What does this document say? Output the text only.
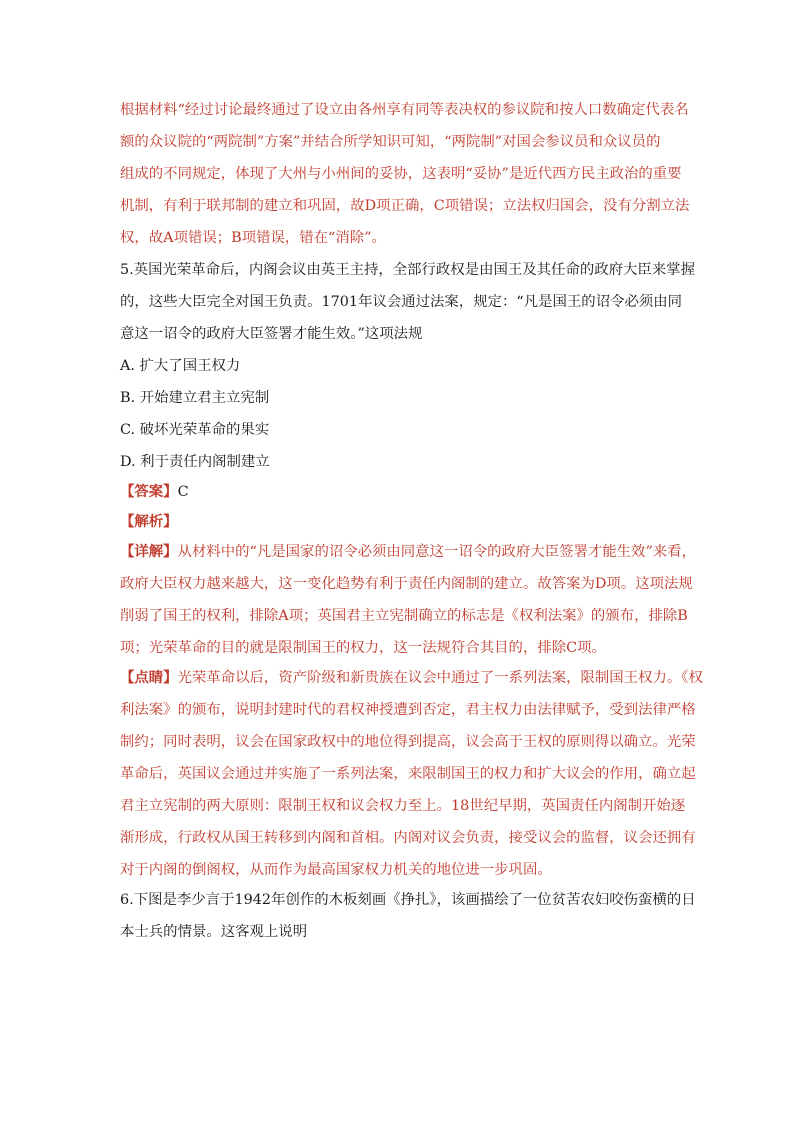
根据材料“经过讨论最终通过了设立由各州享有同等表决权的参议院和按人口数确定代表名
额的众议院的“两院制”方案”并结合所学知识可知，“两院制”对国会参议员和众议员的
组成的不同规定，体现了大州与小州间的妥协，这表明“妥协”是近代西方民主政治的重要
机制，有利于联邦制的建立和巩固，故D项正确，C项错误；立法权归国会，没有分割立法
权，故A项错误；B项错误，错在“消除”。
5.英国光荣革命后，内阁会议由英王主持，全部行政权是由国王及其任命的政府大臣来掌握
的，这些大臣完全对国王负责。1701年议会通过法案，规定：“凡是国王的诏令必须由同
意这一诏令的政府大臣签署才能生效。”这项法规
A. 扩大了国王权力
B. 开始建立君主立宪制
C. 破坏光荣革命的果实
D. 利于责任内阁制建立
【答案】C
【解析】
【详解】从材料中的“凡是国家的诏令必须由同意这一诏令的政府大臣签署才能生效”来看，
政府大臣权力越来越大，这一变化趋势有利于责任内阁制的建立。故答案为D项。这项法规
削弱了国王的权利，排除A项；英国君主立宪制确立的标志是《权利法案》的颁布，排除B
项；光荣革命的目的就是限制国王的权力，这一法规符合其目的，排除C项。
【点睛】光荣革命以后，资产阶级和新贵族在议会中通过了一系列法案，限制国王权力。《权
利法案》的颁布，说明封建时代的君权神授遭到否定，君主权力由法律赋予，受到法律严格
制约；同时表明，议会在国家政权中的地位得到提高，议会高于王权的原则得以确立。光荣
革命后，英国议会通过并实施了一系列法案，来限制国王的权力和扩大议会的作用，确立起
君主立宪制的两大原则：限制王权和议会权力至上。18世纪早期，英国责任内阁制开始逐
渐形成，行政权从国王转移到内阁和首相。内阁对议会负责，接受议会的监督，议会还拥有
对于内阁的倒阁权，从而作为最高国家权力机关的地位进一步巩固。
6.下图是李少言于1942年创作的木板刻画《挣扎》，该画描绘了一位贫苦农妇咬伤蛮横的日
本士兵的情景。这客观上说明
